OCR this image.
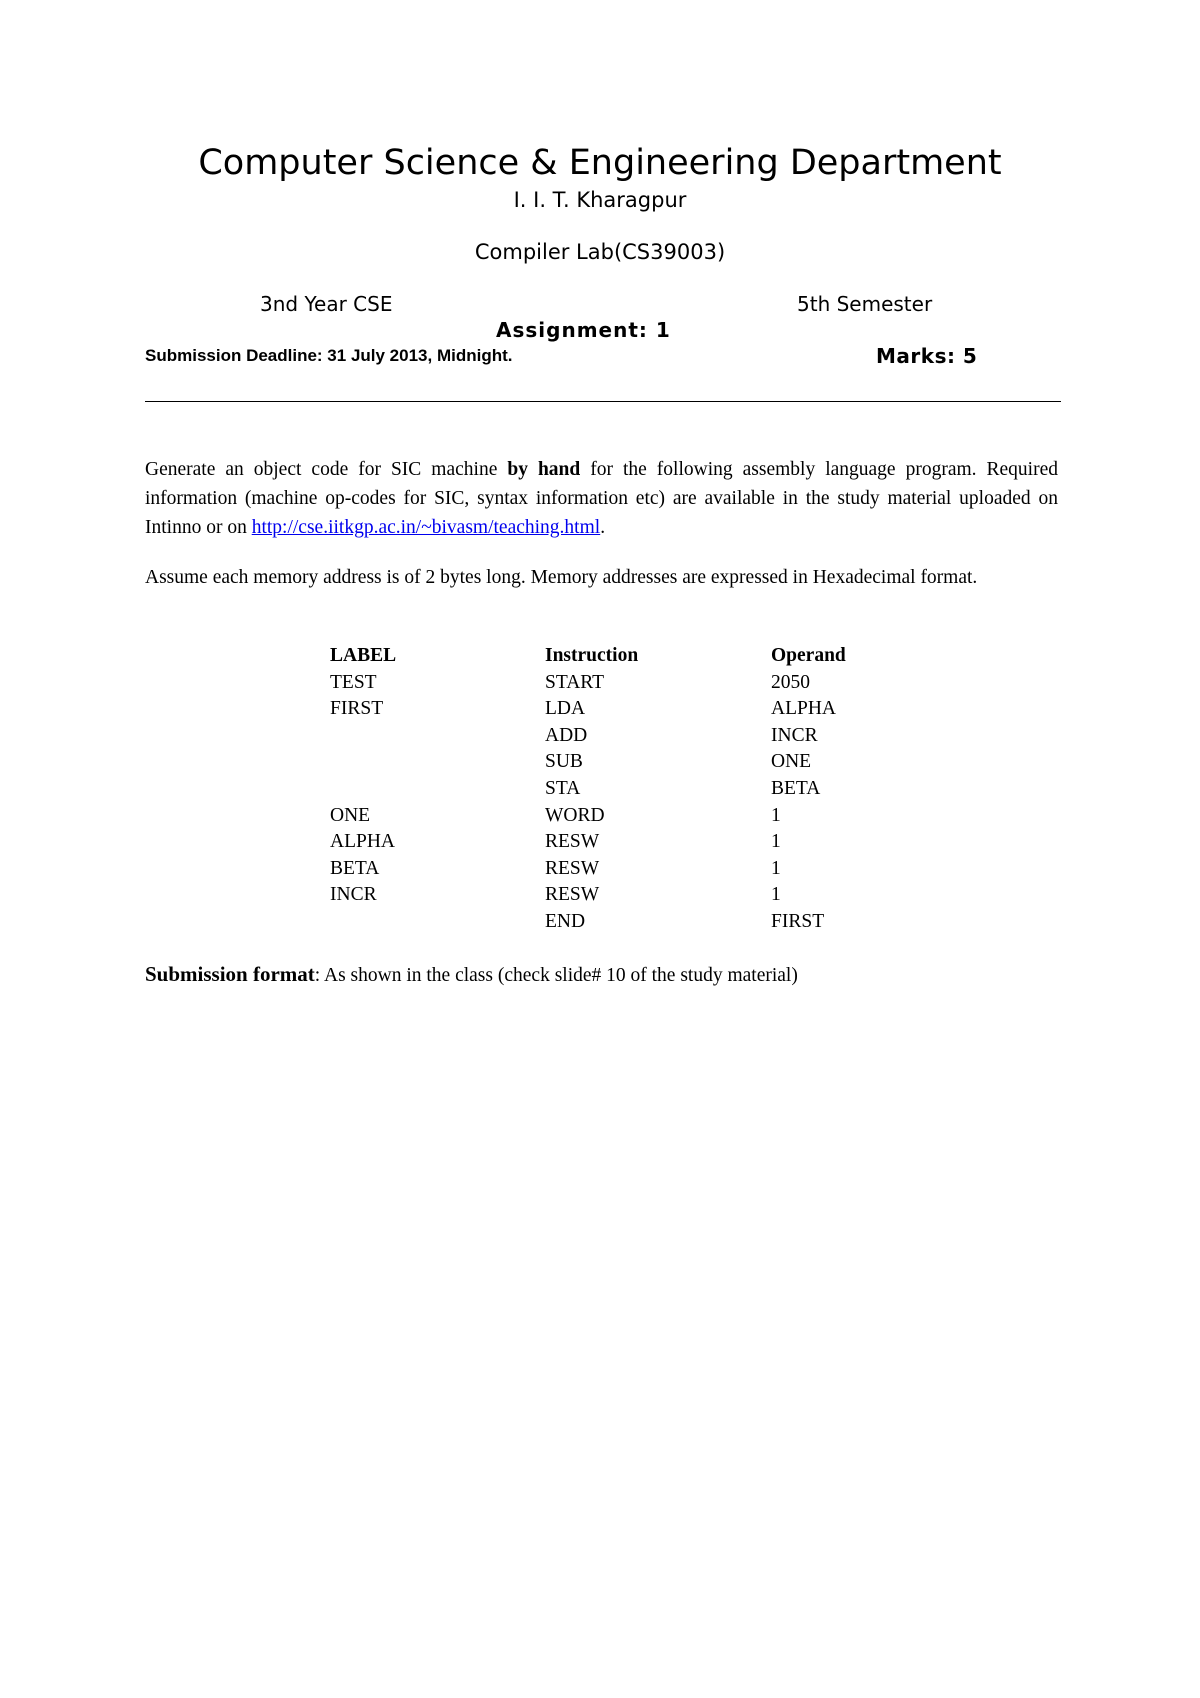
Computer Science & Engineering Department
I. I. T. Kharagpur
Compiler Lab(CS39003)
3nd Year CSE	5th Semester
Assignment: 1
Submission Deadline: 31 July 2013, Midnight.	Marks: 5
Generate an object code for SIC machine by hand for the following assembly language program. Required information (machine op-codes for SIC, syntax information etc) are available in the study material uploaded on Intinno or on http://cse.iitkgp.ac.in/~bivasm/teaching.html.
Assume each memory address is of 2 bytes long. Memory addresses are expressed in Hexadecimal format.
LABEL	Instruction	Operand
TEST	START	2050
FIRST	LDA	ALPHA
	ADD	INCR
	SUB	ONE
	STA	BETA
ONE	WORD	1
ALPHA	RESW	1
BETA	RESW	1
INCR	RESW	1
	END	FIRST
Submission format: As shown in the class (check slide# 10 of the study material)
